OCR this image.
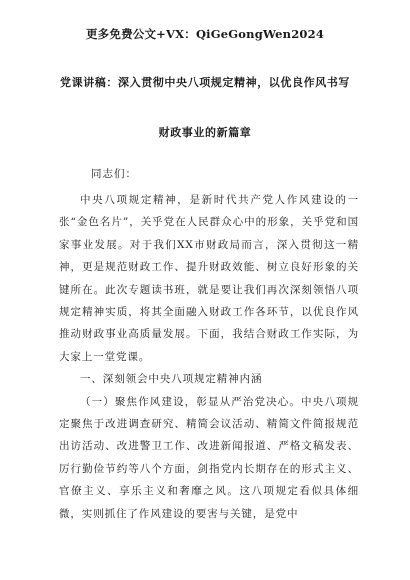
更多免费公文+VX：QiGeGongWen2024
党课讲稿：深入贯彻中央八项规定精神，以优良作风书写
财政事业的新篇章
同志们：

中央八项规定精神，是新时代共产党人作风建设的一张“金色名片”，关乎党在人民群众心中的形象，关乎党和国家事业发展。对于我们XX市财政局而言，深入贯彻这一精神，更是规范财政工作、提升财政效能、树立良好形象的关键所在。此次专题读书班，就是要让我们再次深刻领悟八项规定精神实质，将其全面融入财政工作各环节，以优良作风推动财政事业高质量发展。下面，我结合财政工作实际，为大家上一堂党课。

一、深刻领会中央八项规定精神内涵

（一）聚焦作风建设，彰显从严治党决心。中央八项规定聚焦于改进调查研究、精简会议活动、精简文件简报规范出访活动、改进警卫工作、改进新闻报道、严格文稿发表、厉行勤俭节约等八个方面，剑指党内长期存在的形式主义、官僚主义、享乐主义和奢靡之风。这八项规定看似具体细微，实则抓住了作风建设的要害与关键，是党中
